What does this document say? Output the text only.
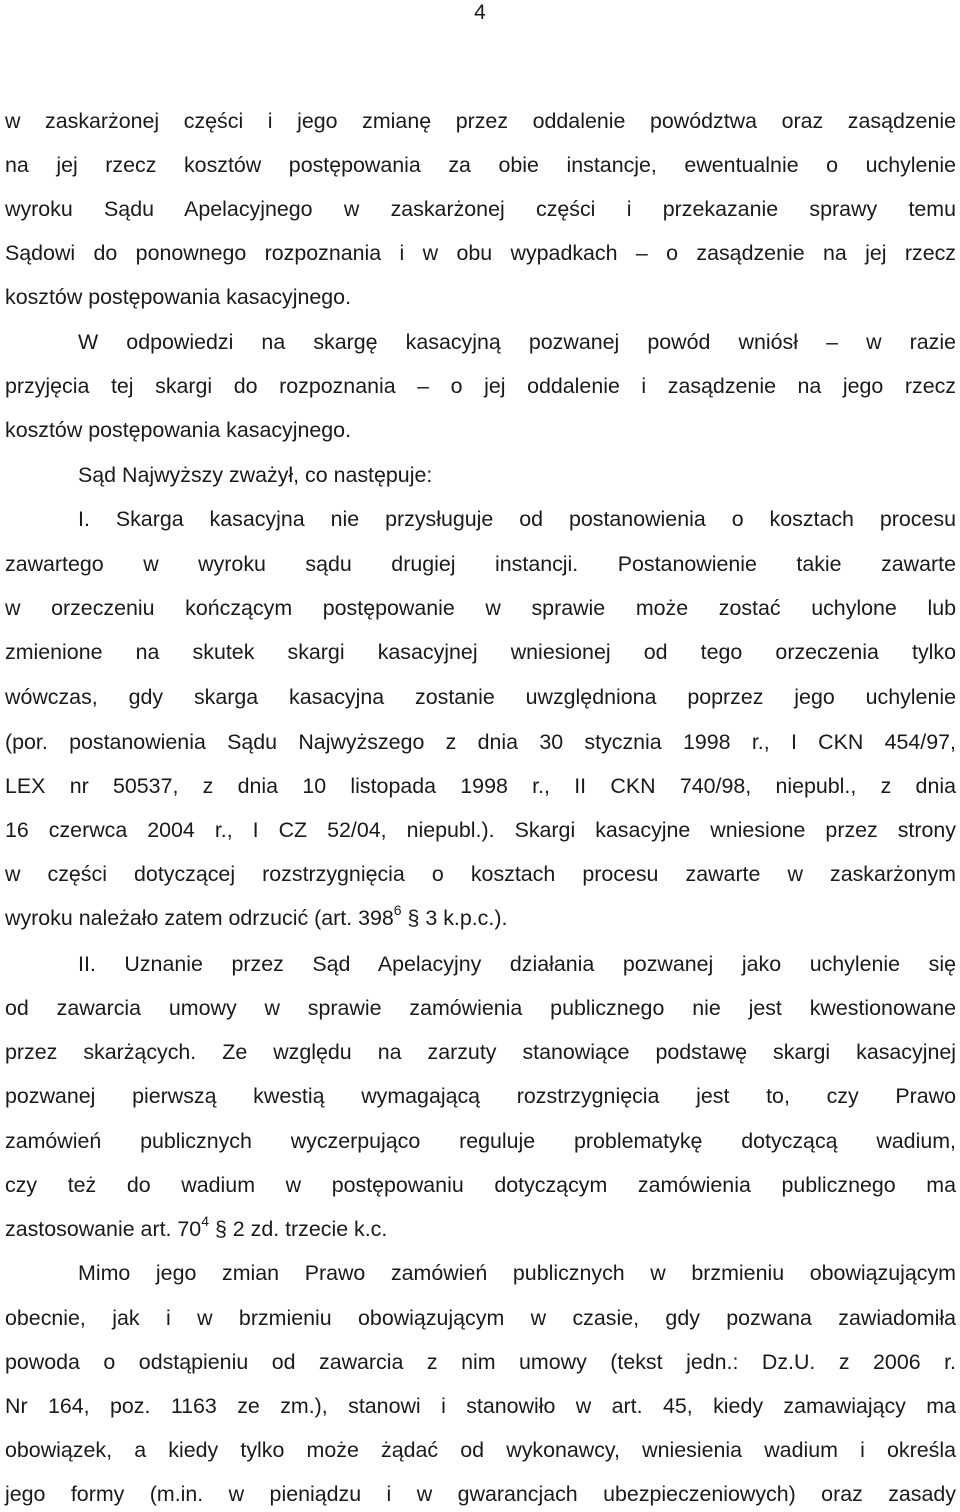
4
w zaskarżonej części i jego zmianę przez oddalenie powództwa oraz zasądzenie
na jej rzecz kosztów postępowania za obie instancje, ewentualnie o uchylenie
wyroku Sądu Apelacyjnego w zaskarżonej części i przekazanie sprawy temu
Sądowi do ponownego rozpoznania i w obu wypadkach – o zasądzenie na jej rzecz
kosztów postępowania kasacyjnego.
W odpowiedzi na skargę kasacyjną pozwanej powód wniósł – w razie
przyjęcia tej skargi do rozpoznania – o jej oddalenie i zasądzenie na jego rzecz
kosztów postępowania kasacyjnego.
Sąd Najwyższy zważył, co następuje:
I. Skarga kasacyjna nie przysługuje od postanowienia o kosztach procesu
zawartego w wyroku sądu drugiej instancji. Postanowienie takie zawarte
w orzeczeniu kończącym postępowanie w sprawie może zostać uchylone lub
zmienione na skutek skargi kasacyjnej wniesionej od tego orzeczenia tylko
wówczas, gdy skarga kasacyjna zostanie uwzględniona poprzez jego uchylenie
(por. postanowienia Sądu Najwyższego z dnia 30 stycznia 1998 r., I CKN 454/97,
LEX nr 50537, z dnia 10 listopada 1998 r., II CKN 740/98, niepubl., z dnia
16 czerwca 2004 r., I CZ 52/04, niepubl.). Skargi kasacyjne wniesione przez strony
w części dotyczącej rozstrzygnięcia o kosztach procesu zawarte w zaskarżonym
wyroku należało zatem odrzucić (art. $398^6$ § 3 k.p.c.).
II. Uznanie przez Sąd Apelacyjny działania pozwanej jako uchylenie się
od zawarcia umowy w sprawie zamówienia publicznego nie jest kwestionowane
przez skarżących. Ze względu na zarzuty stanowiące podstawę skargi kasacyjnej
pozwanej pierwszą kwestią wymagającą rozstrzygnięcia jest to, czy Prawo
zamówień publicznych wyczerpująco reguluje problematykę dotyczącą wadium,
czy też do wadium w postępowaniu dotyczącym zamówienia publicznego ma
zastosowanie art. $70^4$ § 2 zd. trzecie k.c.
Mimo jego zmian Prawo zamówień publicznych w brzmieniu obowiązującym
obecnie, jak i w brzmieniu obowiązującym w czasie, gdy pozwana zawiadomiła
powoda o odstąpieniu od zawarcia z nim umowy (tekst jedn.: Dz.U. z 2006 r.
Nr 164, poz. 1163 ze zm.), stanowi i stanowiło w art. 45, kiedy zamawiający ma
obowiązek, a kiedy tylko może żądać od wykonawcy, wniesienia wadium i określa
jego formy (m.in. w pieniądzu i w gwarancjach ubezpieczeniowych) oraz zasady
